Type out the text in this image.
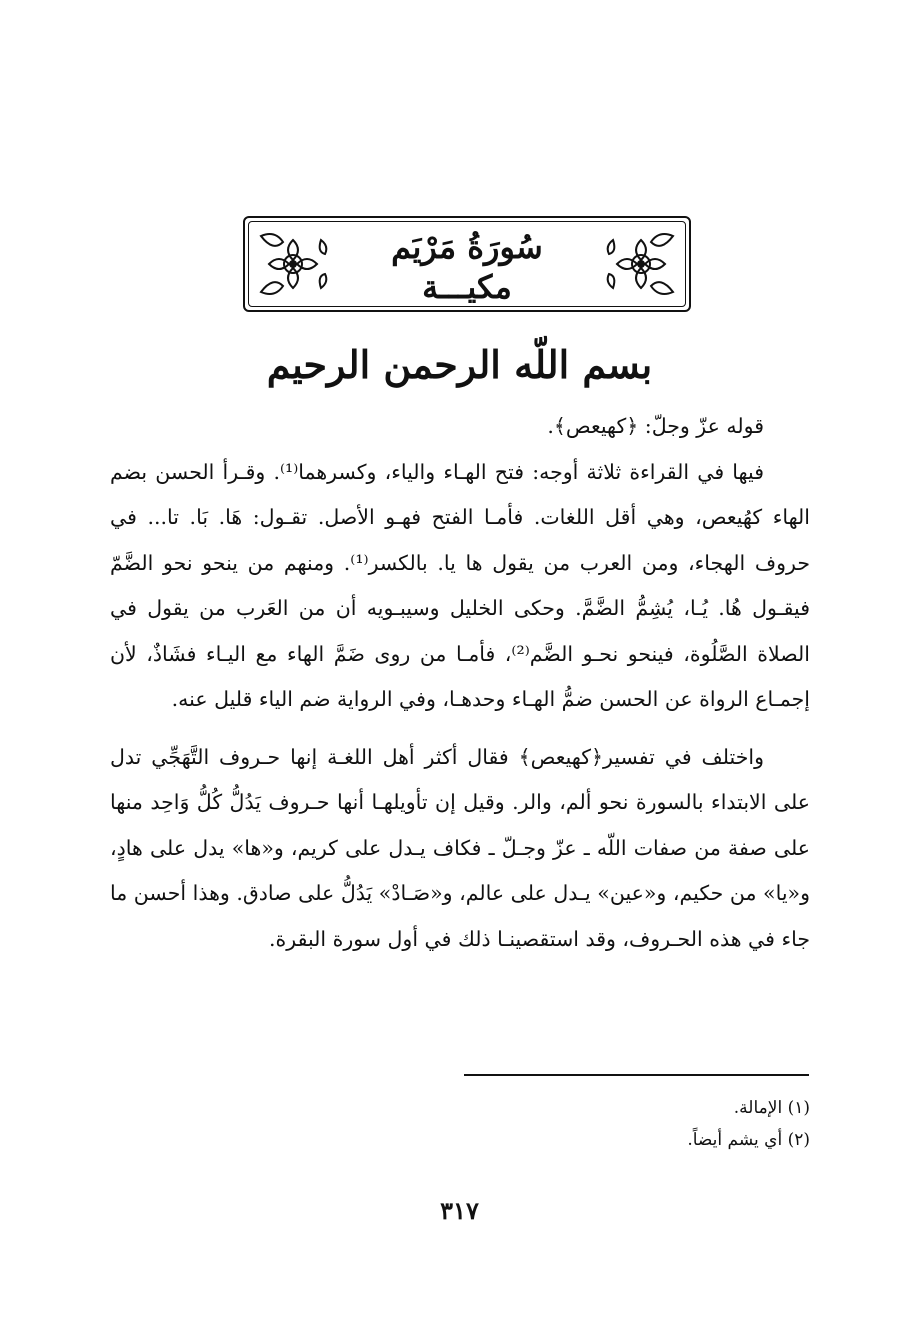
سُورَةُ مَرْيَم
مكيـــة
بسم اللّه الرحمن الرحيم

قوله عزّ وجلّ: ﴿كهيعص﴾.

فيها في القراءة ثلاثة أوجه: فتح الهـاء والياء، وكسرهما⁽¹⁾. وقـرأ الحسن بضم الهاء كهُيعص، وهي أقل اللغات. فأمـا الفتح فهـو الأصل. تقـول: هَا. بَا. تا... في حروف الهجاء، ومن العرب من يقول ها يا. بالكسر⁽¹⁾. ومنهم من ينحو نحو الضَّمّ فيقـول هُا. يُـا، يُشِمُّ الضَّمَّ. وحكى الخليل وسيبـويه أن من العَرب من يقول في الصلاة الصَّلُوة، فينحو نحـو الضَّم⁽²⁾، فأمـا من روى ضَمَّ الهاء مع اليـاء فشَاذٌ، لأن إجمـاع الرواة عن الحسن ضمُّ الهـاء وحدهـا، وفي الرواية ضم الياء قليل عنه.

واختلف في تفسير﴿كهيعص﴾ فقال أكثر أهل اللغـة إنها حـروف التَّهَجِّي تدل على الابتداء بالسورة نحو ألم، والر. وقيل إن تأويلهـا أنها حـروف يَدُلُّ كُلُّ وَاحِد منها على صفة من صفات اللّه ـ عزّ وجـلّ ـ فكاف يـدل على كريم، و«ها» يدل على هادٍ، و«يا» من حكيم، و«عين» يـدل على عالم، و«صَـادْ» يَدُلُّ على صادق. وهذا أحسن ما جاء في هذه الحـروف، وقد استقصينـا ذلك في أول سورة البقرة.

(١) الإمالة.
(٢) أي يشم أيضاً.
٣١٧
